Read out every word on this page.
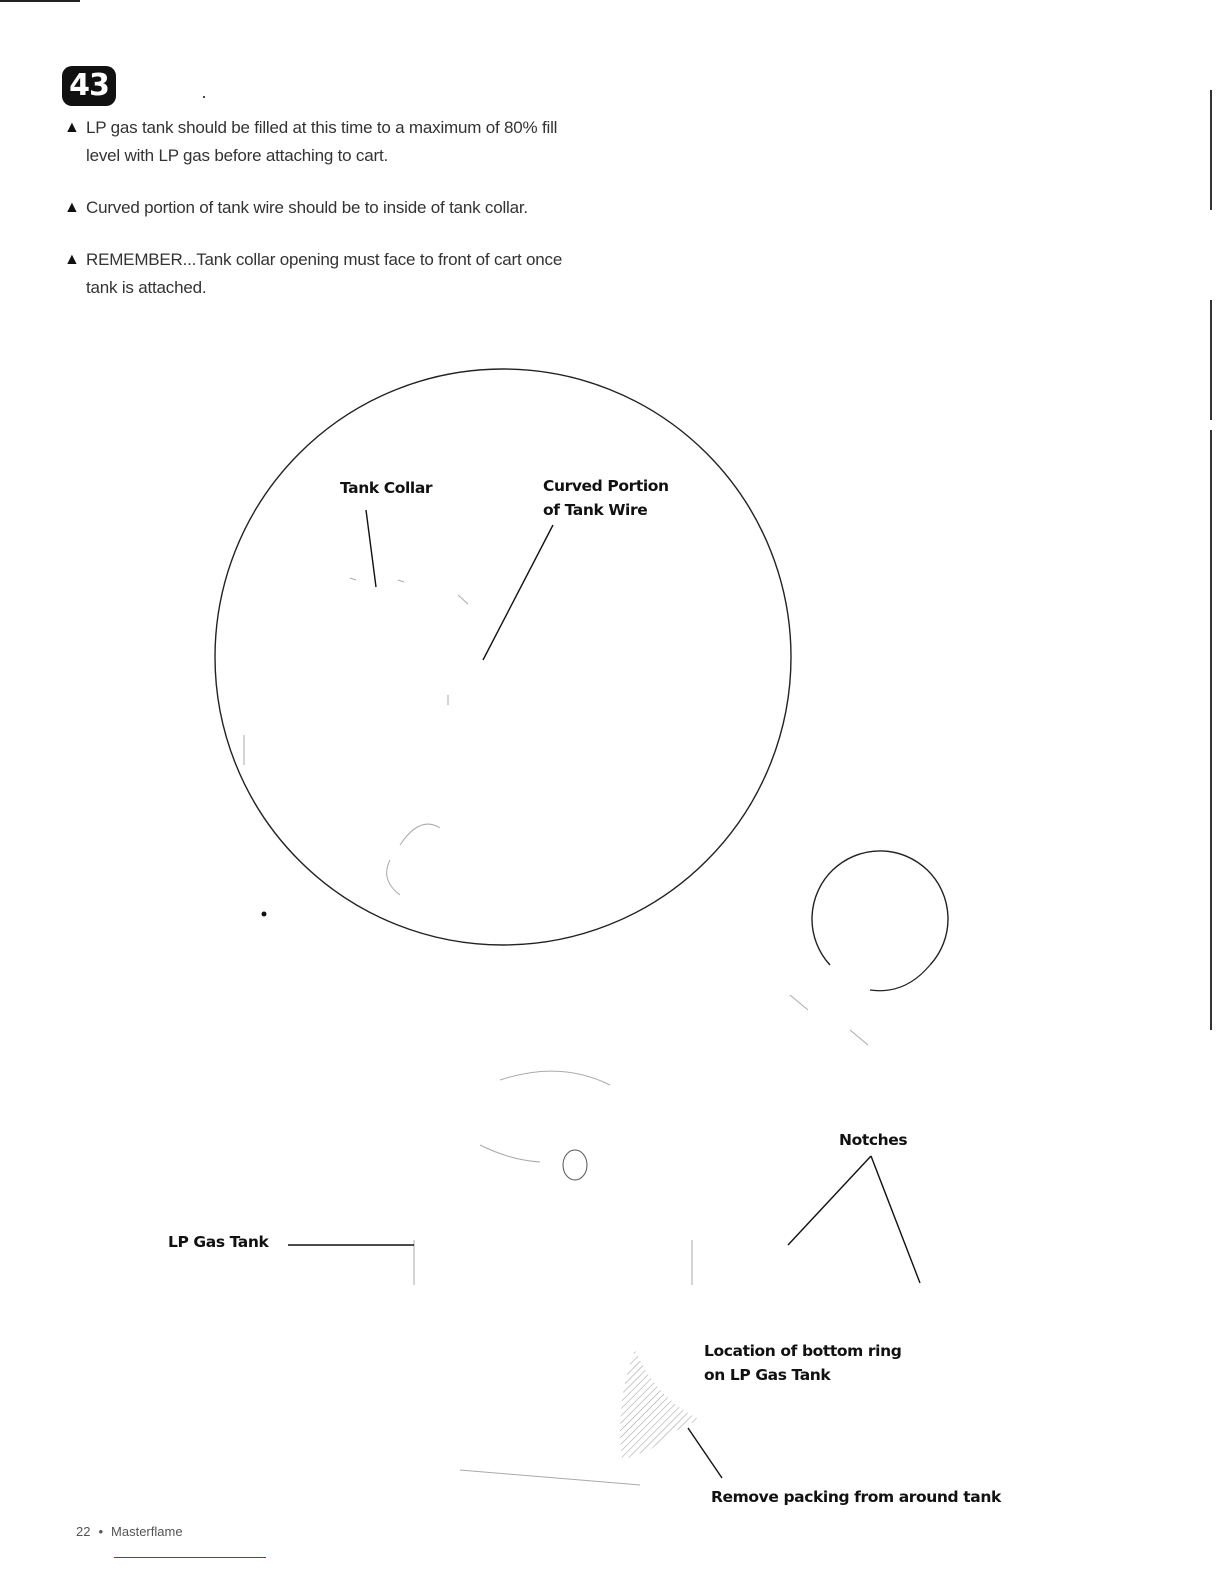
43
▲ LP gas tank should be filled at this time to a maximum of 80% fill
level with LP gas before attaching to cart.
▲ Curved portion of tank wire should be to inside of tank collar.
▲ REMEMBER...Tank collar opening must face to front of cart once
tank is attached.
Tank Collar	Curved Portion
of Tank Wire
Notches
LP Gas Tank
Location of bottom ring
on LP Gas Tank
Remove packing from around tank
22 • Masterflame
